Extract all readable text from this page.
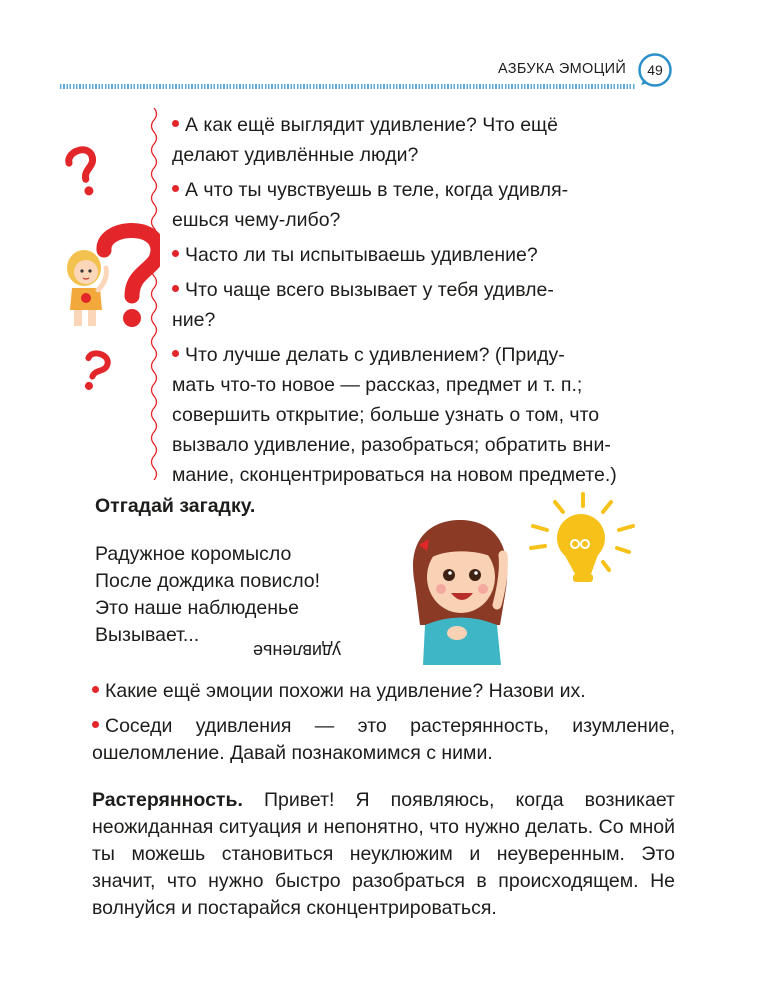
АЗБУКА ЭМОЦИЙ	49

А как ещё выглядит удивление? Что ещё
делают удивлённые люди?

А что ты чувствуешь в теле, когда удивля-
ешься чему-либо?

Часто ли ты испытываешь удивление?

Что чаще всего вызывает у тебя удивле-
ние?

Что лучше делать с удивлением? (Приду-
мать что-то новое — рассказ, предмет и т. п.;
совершить открытие; больше узнать о том, что
вызвало удивление, разобраться; обратить вни-
мание, сконцентрироваться на новом предмете.)

Отгадай загадку.
Радужное коромысло
После дождика повисло!
Это наше наблюденье
Вызывает...
удивленье

Какие ещё эмоции похожи на удивление? Назови их.

Соседи удивления — это растерянность, изумление, ошеломление. Давай познакомимся с ними.

Растерянность. Привет! Я появляюсь, когда возникает неожиданная ситуация и непонятно, что нужно делать. Со мной ты можешь становиться неуклюжим и неуверенным. Это значит, что нужно быстро разобраться в происходящем. Не волнуйся и постарайся сконцентрироваться.
